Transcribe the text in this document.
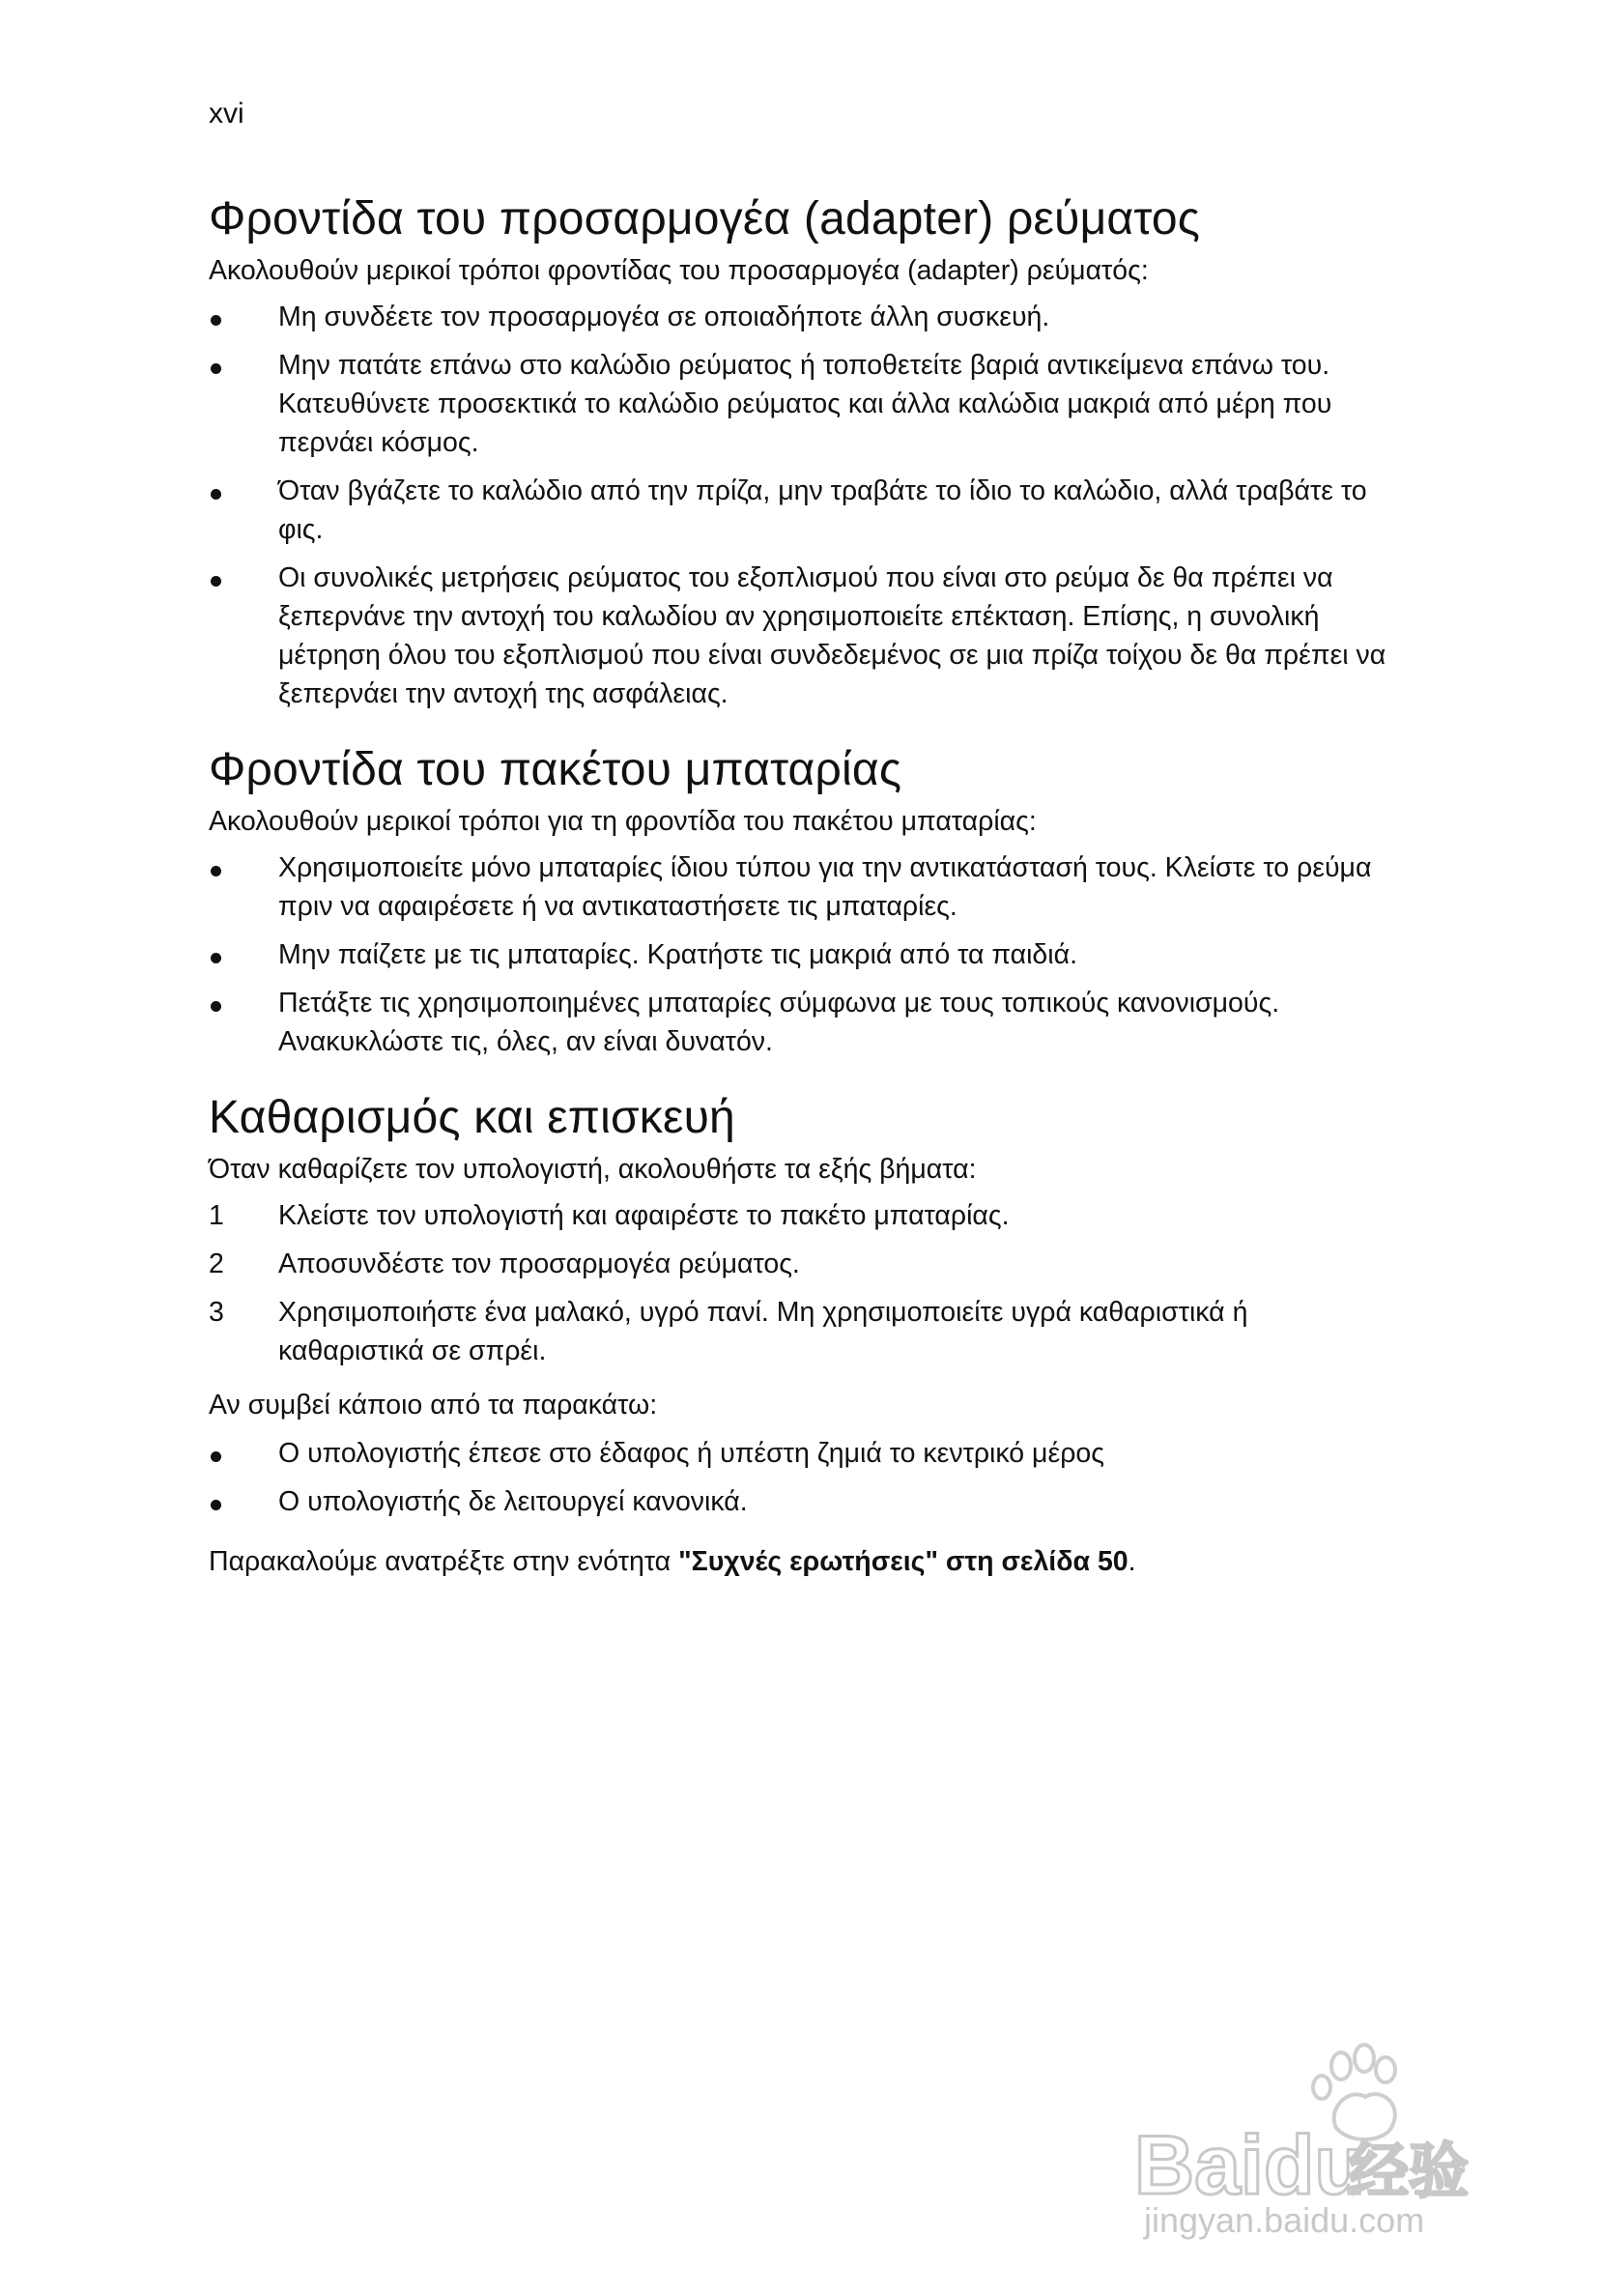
xvi
Φροντίδα του προσαρμογέα (adapter) ρεύματος

Ακολουθούν μερικοί τρόποι φροντίδας του προσαρμογέα (adapter) ρεύματός:

Μη συνδέετε τον προσαρμογέα σε οποιαδήποτε άλλη συσκευή.
Μην πατάτε επάνω στο καλώδιο ρεύματος ή τοποθετείτε βαριά αντικείμενα επάνω του. Κατευθύνετε προσεκτικά το καλώδιο ρεύματος και άλλα καλώδια μακριά από μέρη που περνάει κόσμος.
Όταν βγάζετε το καλώδιο από την πρίζα, μην τραβάτε το ίδιο το καλώδιο, αλλά τραβάτε το φις.
Οι συνολικές μετρήσεις ρεύματος του εξοπλισμού που είναι στο ρεύμα δε θα πρέπει να ξεπερνάνε την αντοχή του καλωδίου αν χρησιμοποιείτε επέκταση. Επίσης, η συνολική μέτρηση όλου του εξοπλισμού που είναι συνδεδεμένος σε μια πρίζα τοίχου δε θα πρέπει να ξεπερνάει την αντοχή της ασφάλειας.
Φροντίδα του πακέτου μπαταρίας

Ακολουθούν μερικοί τρόποι για τη φροντίδα του πακέτου μπαταρίας:

Χρησιμοποιείτε μόνο μπαταρίες ίδιου τύπου για την αντικατάστασή τους. Κλείστε το ρεύμα πριν να αφαιρέσετε ή να αντικαταστήσετε τις μπαταρίες.
Μην παίζετε με τις μπαταρίες. Κρατήστε τις μακριά από τα παιδιά.
Πετάξτε τις χρησιμοποιημένες μπαταρίες σύμφωνα με τους τοπικούς κανονισμούς. Ανακυκλώστε τις, όλες, αν είναι δυνατόν.
Καθαρισμός και επισκευή

Όταν καθαρίζετε τον υπολογιστή, ακολουθήστε τα εξής βήματα:

1	Κλείστε τον υπολογιστή και αφαιρέστε το πακέτο μπαταρίας.
2	Αποσυνδέστε τον προσαρμογέα ρεύματος.
3	Χρησιμοποιήστε ένα μαλακό, υγρό πανί. Μη χρησιμοποιείτε υγρά καθαριστικά ή καθαριστικά σε σπρέι.

Αν συμβεί κάποιο από τα παρακάτω:

Ο υπολογιστής έπεσε στο έδαφος ή υπέστη ζημιά το κεντρικό μέρος
Ο υπολογιστής δε λειτουργεί κανονικά.

Παρακαλούμε ανατρέξτε στην ενότητα "Συχνές ερωτήσεις" στη σελίδα 50.

Baidu
经验
jingyan.baidu.com
